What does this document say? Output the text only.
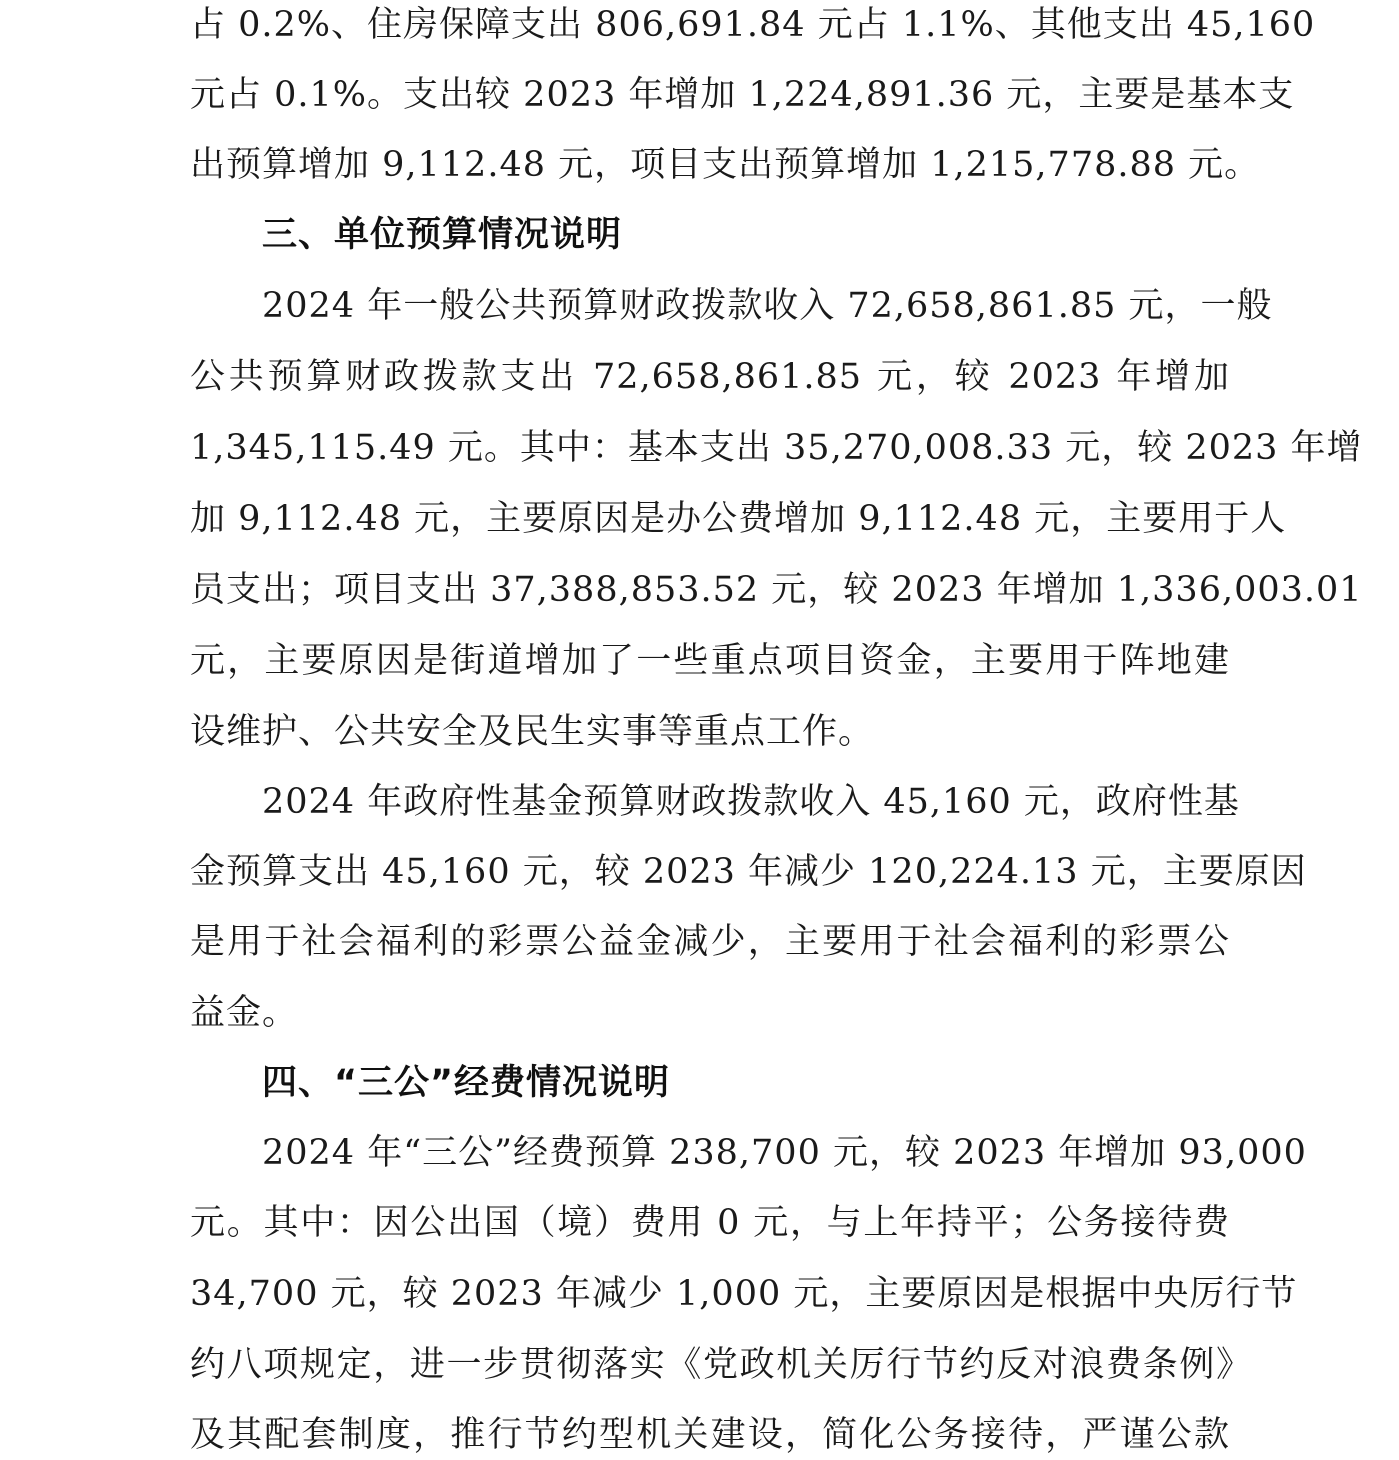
占 0.2%、住房保障支出 806,691.84 元占 1.1%、其他支出 45,160
元占 0.1%。支出较 2023 年增加 1,224,891.36 元，主要是基本支
出预算增加 9,112.48 元，项目支出预算增加 1,215,778.88 元。
三、单位预算情况说明
2024 年一般公共预算财政拨款收入 72,658,861.85 元，一般
公共预算财政拨款支出 72,658,861.85 元，较 2023 年增加
1,345,115.49 元。其中：基本支出 35,270,008.33 元，较 2023 年增
加 9,112.48 元，主要原因是办公费增加 9,112.48 元，主要用于人
员支出；项目支出 37,388,853.52 元，较 2023 年增加 1,336,003.01
元，主要原因是街道增加了一些重点项目资金，主要用于阵地建
设维护、公共安全及民生实事等重点工作。
2024 年政府性基金预算财政拨款收入 45,160 元，政府性基
金预算支出 45,160 元，较 2023 年减少 120,224.13 元，主要原因
是用于社会福利的彩票公益金减少，主要用于社会福利的彩票公
益金。
四、“三公”经费情况说明
2024 年“三公”经费预算 238,700 元，较 2023 年增加 93,000
元。其中：因公出国（境）费用 0 元，与上年持平；公务接待费
34,700 元，较 2023 年减少 1,000 元，主要原因是根据中央厉行节
约八项规定，进一步贯彻落实《党政机关厉行节约反对浪费条例》
及其配套制度，推行节约型机关建设，简化公务接待，严谨公款
